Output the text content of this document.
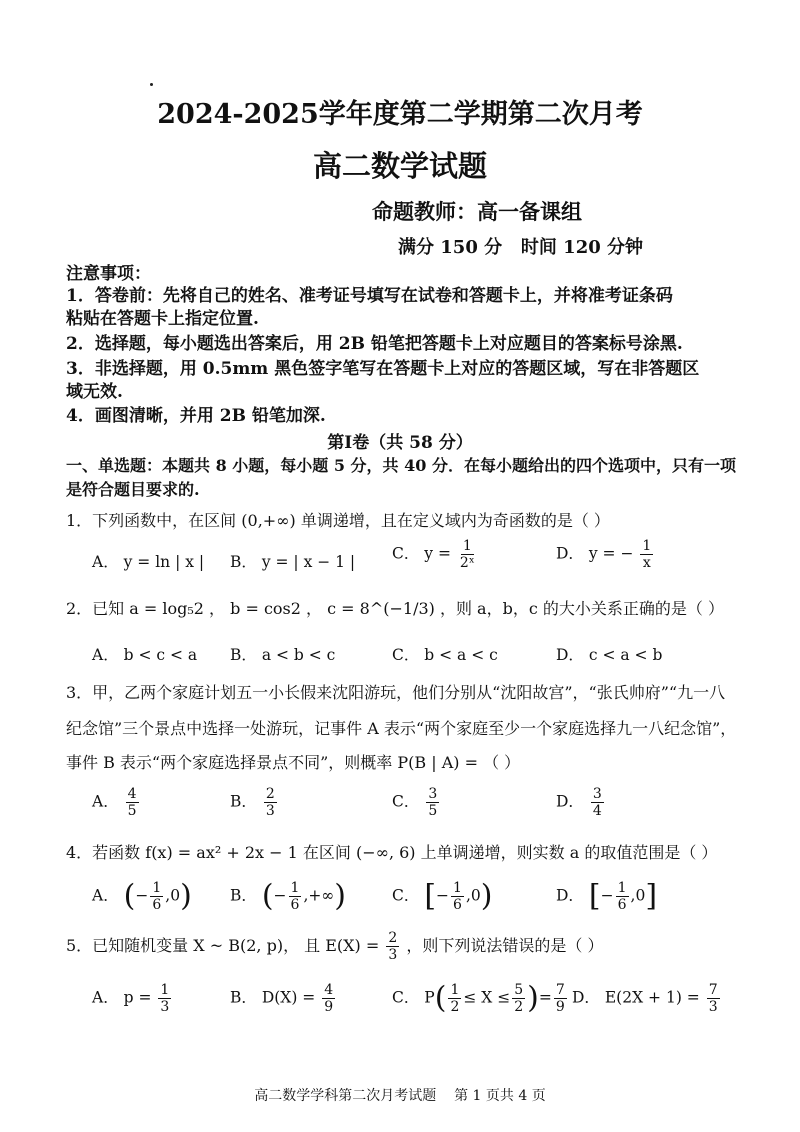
2024-2025学年度第二学期第二次月考
高二数学试题
命题教师：高一备课组
满分 150 分   时间 120 分钟
注意事项：
1．答卷前：先将自己的姓名、准考证号填写在试卷和答题卡上，并将准考证条码
粘贴在答题卡上指定位置.
2．选择题，每小题选出答案后，用 2B 铅笔把答题卡上对应题目的答案标号涂黑.
3．非选择题，用 0.5mm 黑色签字笔写在答题卡上对应的答题区域，写在非答题区
域无效.
4．画图清晰，并用 2B 铅笔加深.
第Ⅰ卷（共 58 分）
一、单选题：本题共 8 小题，每小题 5 分，共 40 分．在每小题给出的四个选项中，只有一项
是符合题目要求的.
1．下列函数中，在区间 (0,+∞) 单调递增，且在定义域内为奇函数的是（ ）
A． y = ln | x | B． y = | x − 1 | C． $y = \frac{1}{\text{2ˣ}}$	D． y = − $\frac{1}{x}$
2．已知 a = log₅2 ， b = cos2 ， c = 8^(−1/3) ，则 a，b，c 的大小关系正确的是（ ）
A． b < c < a B． a < b < c	C． b < a < c	D． c < a < b
3．甲，乙两个家庭计划五一小长假来沈阳游玩，他们分别从“沈阳故宫”，“张氏帅府”“九一八
纪念馆”三个景点中选择一处游玩，记事件 A 表示“两个家庭至少一个家庭选择九一八纪念馆”，
事件 B 表示“两个家庭选择景点不同”，则概率 P(B | A) = （ ）
A． $\frac{4}{5}$	B． $\frac{2}{3}$	C． $\frac{3}{5}$	D． $\frac{3}{4}$
4．若函数 f(x) = ax² + 2x − 1 在区间 (−∞, 6) 上单调递增，则实数 a 的取值范围是（ ）
A． (− $\frac{1}{6} ,0$) B． (− $\frac{1}{6}$ ,+∞)	C． [− $\frac{1}{6} ,0$)	D． [− $\frac{1}{6} ,0$]
5．已知随机变量 X ~ B(2, p)， 且 $E(X) = \frac{2}{3}$ ，则下列说法错误的是（ ）
A． $p = \frac{1}{3}$	B． $D(X) = \frac{4}{9}$	C． $P( \frac{1}{2} \le X \le \frac{5}{2}$ )= $\frac{7}{9}$ D． $E(2X + 1) = \frac{7}{3}$
高二数学学科第二次月考试题    第 1 页共 4 页
